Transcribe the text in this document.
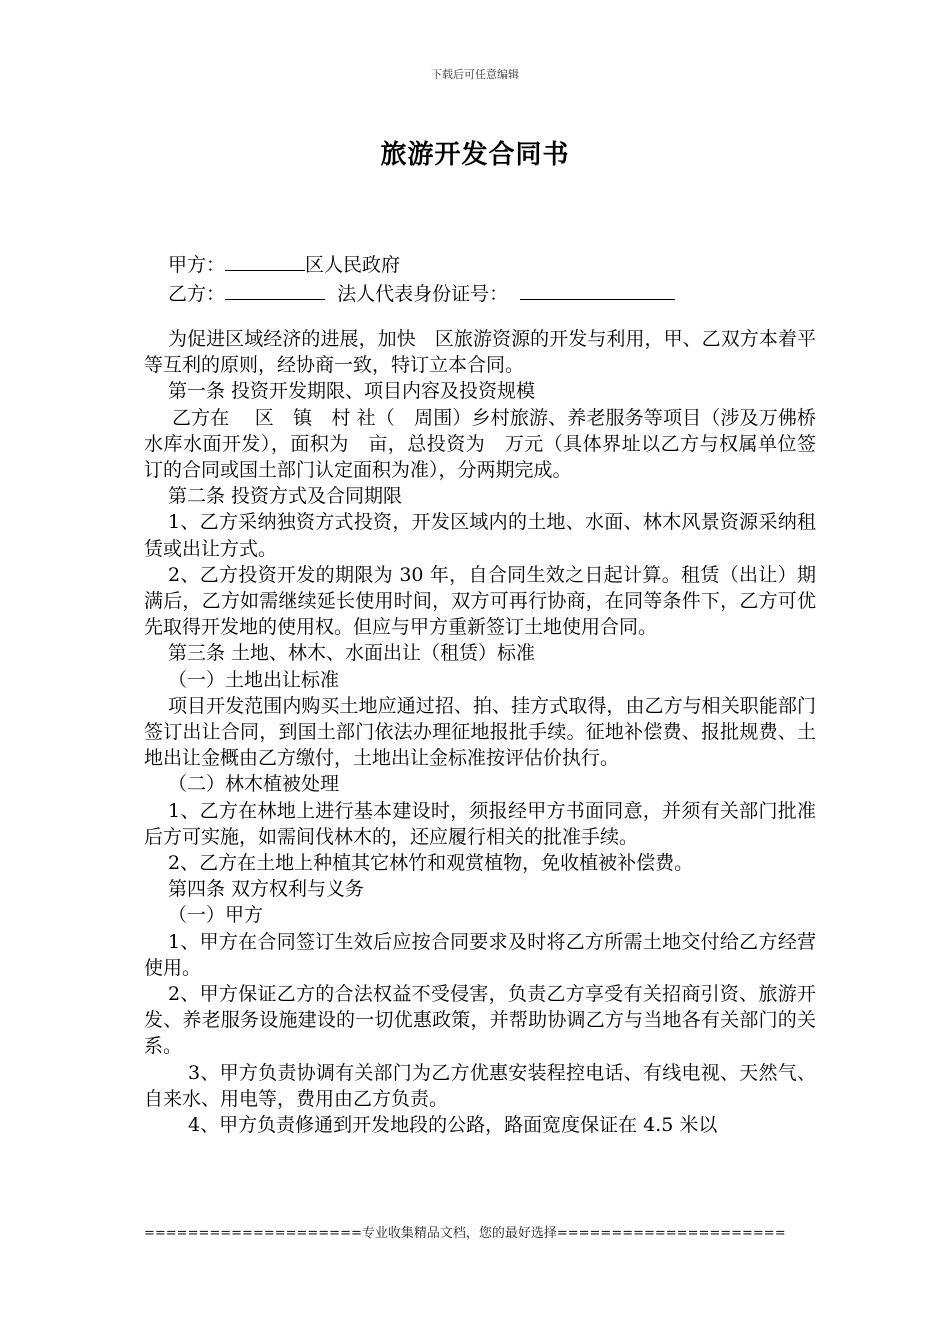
下载后可任意编辑
旅游开发合同书
甲方：	区人民政府
乙方：	法人代表身份证号：

为促进区域经济的进展，加快　区旅游资源的开发与利用，甲、乙双方本着平等互利的原则，经协商一致，特订立本合同。

第一条 投资开发期限、项目内容及投资规模

乙方在　 区　镇　村 社（　周围）乡村旅游、养老服务等项目（涉及万佛桥水库水面开发），面积为　亩，总投资为　万元（具体界址以乙方与权属单位签订的合同或国土部门认定面积为准），分两期完成。

第二条 投资方式及合同期限

1、乙方采纳独资方式投资，开发区域内的土地、水面、林木风景资源采纳租赁或出让方式。

2、乙方投资开发的期限为 30 年，自合同生效之日起计算。租赁（出让）期满后，乙方如需继续延长使用时间，双方可再行协商，在同等条件下，乙方可优先取得开发地的使用权。但应与甲方重新签订土地使用合同。

第三条 土地、林木、水面出让（租赁）标准

（一）土地出让标准

项目开发范围内购买土地应通过招、拍、挂方式取得，由乙方与相关职能部门签订出让合同，到国土部门依法办理征地报批手续。征地补偿费、报批规费、土地出让金概由乙方缴付，土地出让金标准按评估价执行。

（二）林木植被处理

1、乙方在林地上进行基本建设时，须报经甲方书面同意，并须有关部门批准后方可实施，如需间伐林木的，还应履行相关的批准手续。

2、乙方在土地上种植其它林竹和观赏植物，免收植被补偿费。

第四条 双方权利与义务

（一）甲方

1、甲方在合同签订生效后应按合同要求及时将乙方所需土地交付给乙方经营使用。

2、甲方保证乙方的合法权益不受侵害，负责乙方享受有关招商引资、旅游开发、养老服务设施建设的一切优惠政策，并帮助协调乙方与当地各有关部门的关系。

3、甲方负责协调有关部门为乙方优惠安装程控电话、有线电视、天然气、自来水、用电等，费用由乙方负责。

4、甲方负责修通到开发地段的公路，路面宽度保证在 4.5 米以

====================专业收集精品文档，您的最好选择=====================
